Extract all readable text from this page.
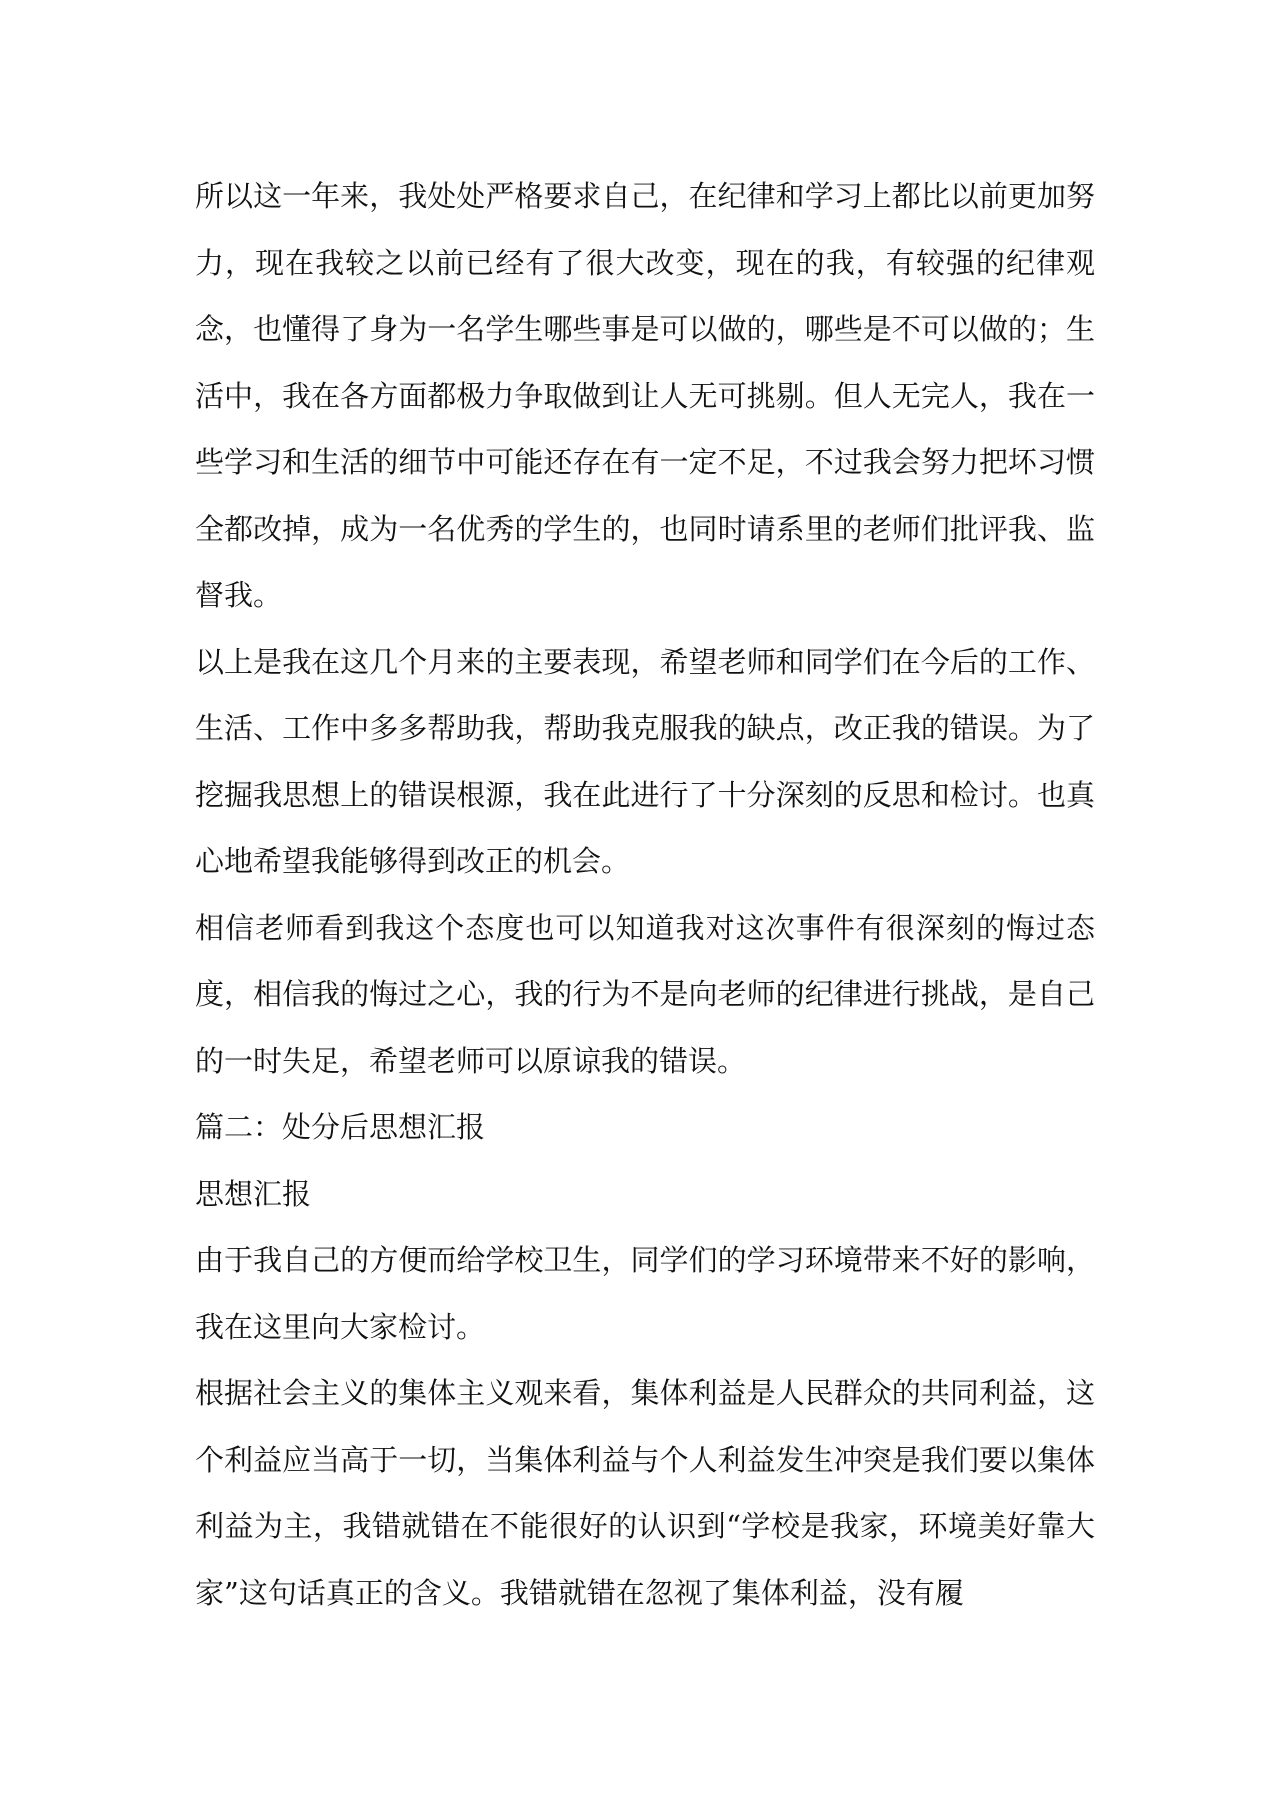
所以这一年来，我处处严格要求自己，在纪律和学习上都比以前更加努力，现在我较之以前已经有了很大改变，现在的我，有较强的纪律观念，也懂得了身为一名学生哪些事是可以做的，哪些是不可以做的；生活中，我在各方面都极力争取做到让人无可挑剔。但人无完人，我在一些学习和生活的细节中可能还存在有一定不足，不过我会努力把坏习惯全都改掉，成为一名优秀的学生的，也同时请系里的老师们批评我、监督我。

以上是我在这几个月来的主要表现，希望老师和同学们在今后的工作、生活、工作中多多帮助我，帮助我克服我的缺点，改正我的错误。为了挖掘我思想上的错误根源，我在此进行了十分深刻的反思和检讨。也真心地希望我能够得到改正的机会。

相信老师看到我这个态度也可以知道我对这次事件有很深刻的悔过态度，相信我的悔过之心，我的行为不是向老师的纪律进行挑战，是自己的一时失足，希望老师可以原谅我的错误。

篇二：处分后思想汇报

思想汇报

由于我自己的方便而给学校卫生，同学们的学习环境带来不好的影响，我在这里向大家检讨。

根据社会主义的集体主义观来看，集体利益是人民群众的共同利益，这个利益应当高于一切，当集体利益与个人利益发生冲突是我们要以集体利益为主，我错就错在不能很好的认识到“学校是我家，环境美好靠大家”这句话真正的含义。我错就错在忽视了集体利益，没有履
